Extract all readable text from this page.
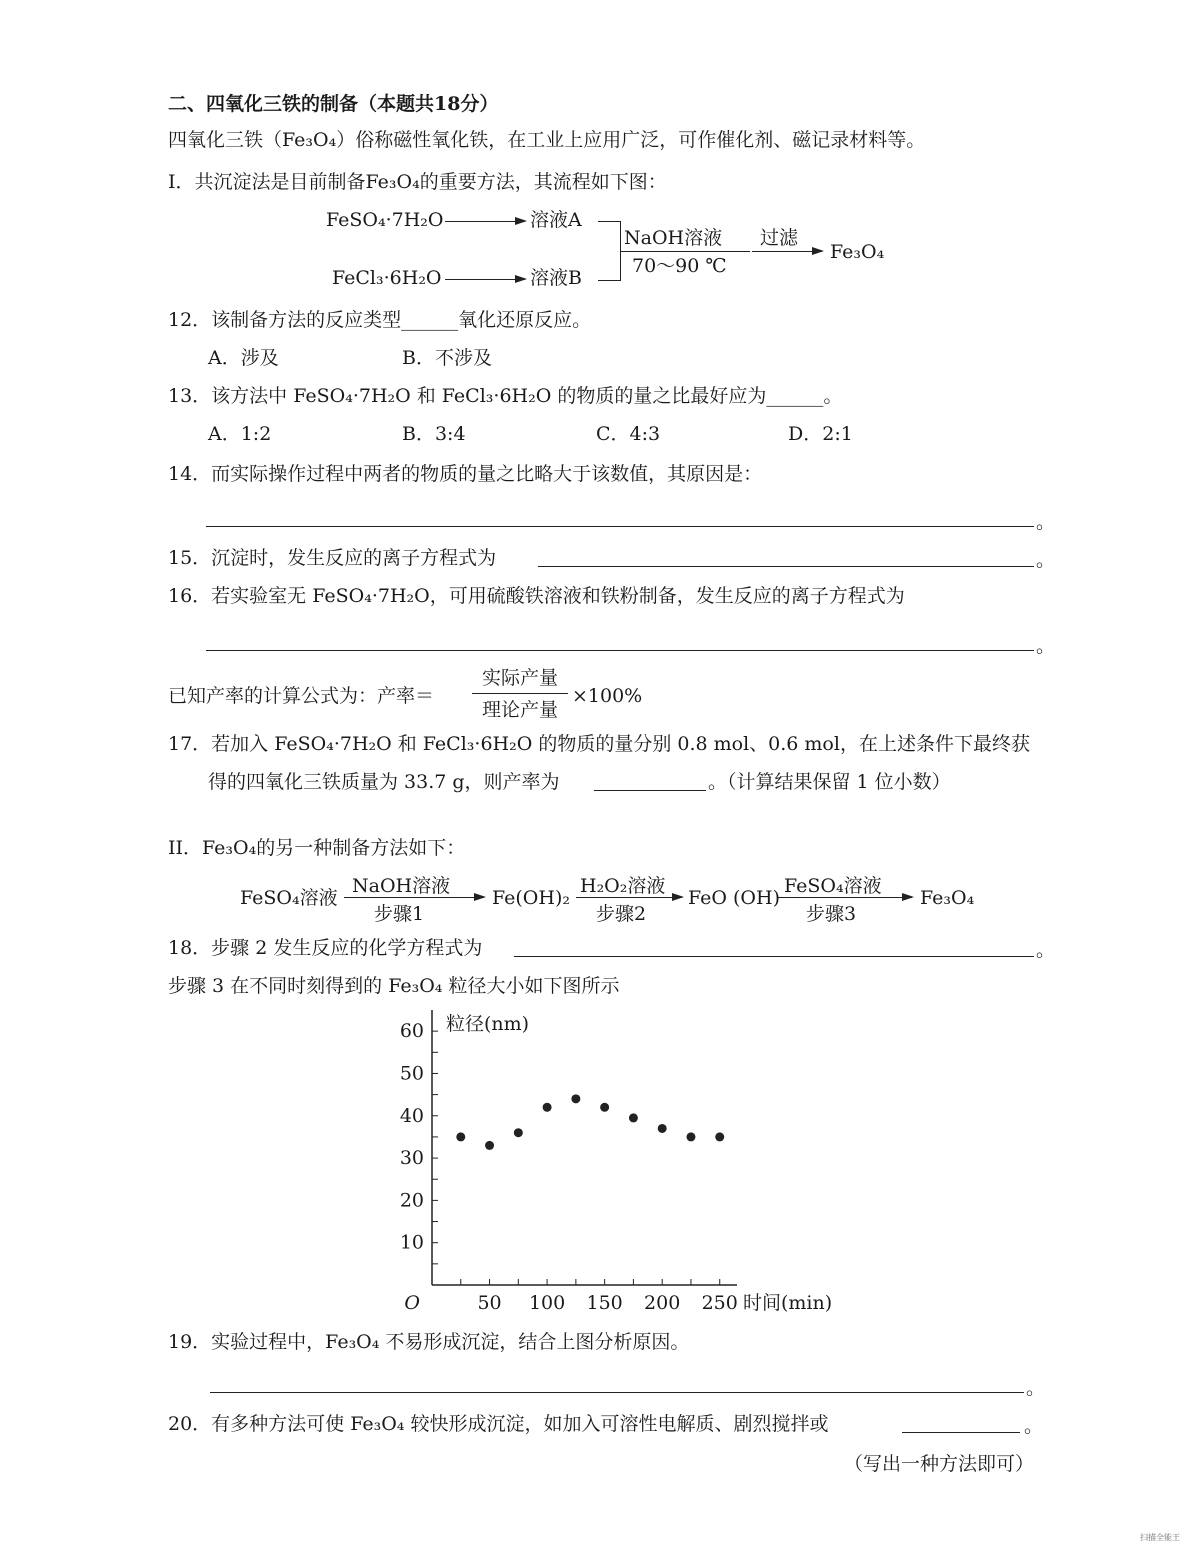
二、四氧化三铁的制备（本题共18分）
四氧化三铁（Fe₃O₄）俗称磁性氧化铁，在工业上应用广泛，可作催化剂、磁记录材料等。
I．共沉淀法是目前制备Fe₃O₄的重要方法，其流程如下图：
FeSO₄·7H₂O	溶液A
FeCl₃·6H₂O	溶液B
NaOH溶液
70～90 ℃
过滤
Fe₃O₄
12．该制备方法的反应类型______氧化还原反应。
A．涉及	B．不涉及
13．该方法中 FeSO₄·7H₂O 和 FeCl₃·6H₂O 的物质的量之比最好应为______。
A．1:2	B．3:4	C．4:3	D．2:1
14．而实际操作过程中两者的物质的量之比略大于该数值，其原因是：
。
15．沉淀时，发生反应的离子方程式为	。
16．若实验室无 FeSO₄·7H₂O，可用硫酸铁溶液和铁粉制备，发生反应的离子方程式为
。
已知产率的计算公式为：产率＝
实际产量
理论产量
×100%
17．若加入 FeSO₄·7H₂O 和 FeCl₃·6H₂O 的物质的量分别 0.8 mol、0.6 mol，在上述条件下最终获
得的四氧化三铁质量为 33.7 g，则产率为	。（计算结果保留 1 位小数）
II．Fe₃O₄的另一种制备方法如下：
FeSO₄溶液
NaOH溶液
步骤1
Fe(OH)₂
H₂O₂溶液
步骤2
FeO (OH)
FeSO₄溶液
步骤3
Fe₃O₄
18．步骤 2 发生反应的化学方程式为	。
步骤 3 在不同时刻得到的 Fe₃O₄ 粒径大小如下图所示
10
20
30
40
50
60
50 100 150 200 250
O
粒径(nm)
时间(min)
19．实验过程中，Fe₃O₄ 不易形成沉淀，结合上图分析原因。
。
20．有多种方法可使 Fe₃O₄ 较快形成沉淀，如加入可溶性电解质、剧烈搅拌或	。
（写出一种方法即可）
扫描全能王
